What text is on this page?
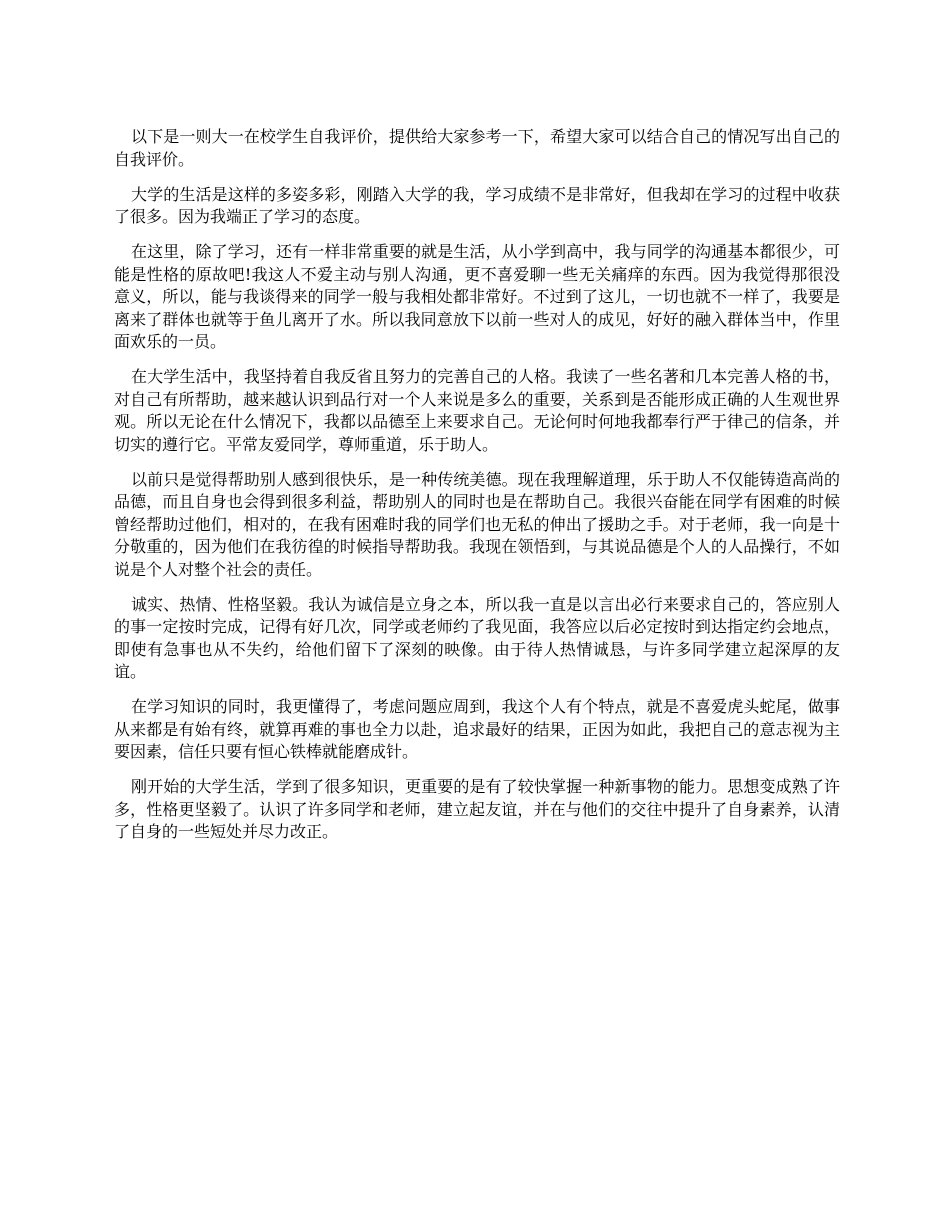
以下是一则大一在校学生自我评价，提供给大家参考一下，希望大家可以结合自己的情况写出自己的自我评价。

大学的生活是这样的多姿多彩，刚踏入大学的我，学习成绩不是非常好，但我却在学习的过程中收获了很多。因为我端正了学习的态度。

在这里，除了学习，还有一样非常重要的就是生活，从小学到高中，我与同学的沟通基本都很少，可能是性格的原故吧!我这人不爱主动与别人沟通，更不喜爱聊一些无关痛痒的东西。因为我觉得那很没意义，所以，能与我谈得来的同学一般与我相处都非常好。不过到了这儿，一切也就不一样了，我要是离来了群体也就等于鱼儿离开了水。所以我同意放下以前一些对人的成见，好好的融入群体当中，作里面欢乐的一员。

在大学生活中，我坚持着自我反省且努力的完善自己的人格。我读了一些名著和几本完善人格的书，对自己有所帮助，越来越认识到品行对一个人来说是多么的重要，关系到是否能形成正确的人生观世界观。所以无论在什么情况下，我都以品德至上来要求自己。无论何时何地我都奉行严于律己的信条，并切实的遵行它。平常友爱同学，尊师重道，乐于助人。

以前只是觉得帮助别人感到很快乐，是一种传统美德。现在我理解道理，乐于助人不仅能铸造高尚的品德，而且自身也会得到很多利益，帮助别人的同时也是在帮助自己。我很兴奋能在同学有困难的时候曾经帮助过他们，相对的，在我有困难时我的同学们也无私的伸出了援助之手。对于老师，我一向是十分敬重的，因为他们在我彷徨的时候指导帮助我。我现在领悟到，与其说品德是个人的人品操行，不如说是个人对整个社会的责任。

诚实、热情、性格坚毅。我认为诚信是立身之本，所以我一直是以言出必行来要求自己的，答应别人的事一定按时完成，记得有好几次，同学或老师约了我见面，我答应以后必定按时到达指定约会地点，即使有急事也从不失约，给他们留下了深刻的映像。由于待人热情诚恳，与许多同学建立起深厚的友谊。

在学习知识的同时，我更懂得了，考虑问题应周到，我这个人有个特点，就是不喜爱虎头蛇尾，做事从来都是有始有终，就算再难的事也全力以赴，追求最好的结果，正因为如此，我把自己的意志视为主要因素，信任只要有恒心铁棒就能磨成针。

刚开始的大学生活，学到了很多知识，更重要的是有了较快掌握一种新事物的能力。思想变成熟了许多，性格更坚毅了。认识了许多同学和老师，建立起友谊，并在与他们的交往中提升了自身素养，认清了自身的一些短处并尽力改正。
